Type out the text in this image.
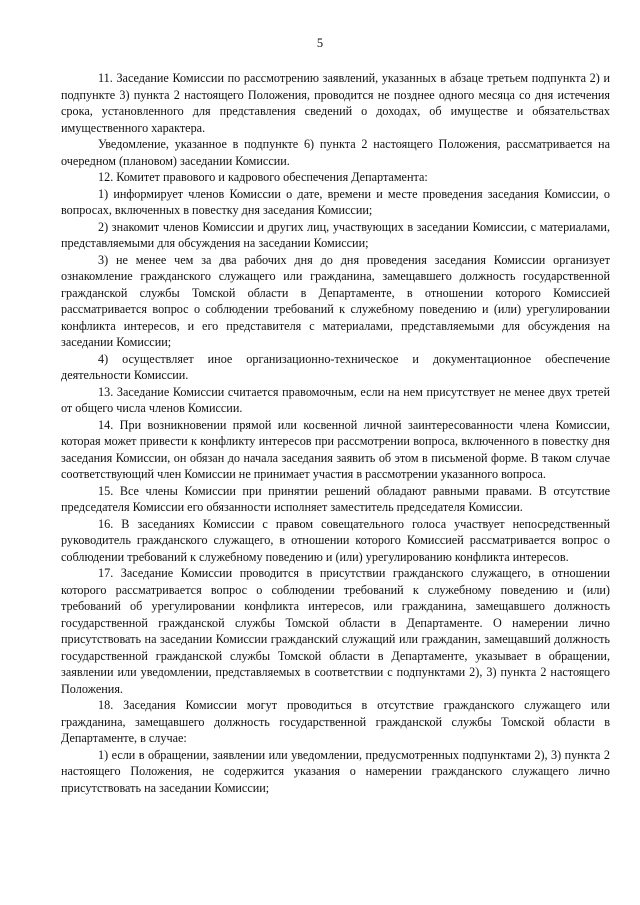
5

11. Заседание Комиссии по рассмотрению заявлений, указанных в абзаце третьем подпункта 2) и подпункте 3) пункта 2 настоящего Положения, проводится не позднее одного месяца со дня истечения срока, установленного для представления сведений о доходах, об имуществе и обязательствах имущественного характера.

Уведомление, указанное в подпункте 6) пункта 2 настоящего Положения, рассматривается на очередном (плановом) заседании Комиссии.

12. Комитет правового и кадрового обеспечения Департамента:

1) информирует членов Комиссии о дате, времени и месте проведения заседания Комиссии, о вопросах, включенных в повестку дня заседания Комиссии;

2) знакомит членов Комиссии и других лиц, участвующих в заседании Комиссии, с материалами, представляемыми для обсуждения на заседании Комиссии;

3) не менее чем за два рабочих дня до дня проведения заседания Комиссии организует ознакомление гражданского служащего или гражданина, замещавшего должность государственной гражданской службы Томской области в Департаменте, в отношении которого Комиссией рассматривается вопрос о соблюдении требований к служебному поведению и (или) урегулировании конфликта интересов, и его представителя с материалами, представляемыми для обсуждения на заседании Комиссии;

4) осуществляет иное организационно-техническое и документационное обеспечение деятельности Комиссии.

13. Заседание Комиссии считается правомочным, если на нем присутствует не менее двух третей от общего числа членов Комиссии.

14. При возникновении прямой или косвенной личной заинтересованности члена Комиссии, которая может привести к конфликту интересов при рассмотрении вопроса, включенного в повестку дня заседания Комиссии, он обязан до начала заседания заявить об этом в письменой форме. В таком случае соответствующий член Комиссии не принимает участия в рассмотрении указанного вопроса.

15. Все члены Комиссии при принятии решений обладают равными правами. В отсутствие председателя Комиссии его обязанности исполняет заместитель председателя Комиссии.

16. В заседаниях Комиссии с правом совещательного голоса участвует непосредственный руководитель гражданского служащего, в отношении которого Комиссией рассматривается вопрос о соблюдении требований к служебному поведению и (или) урегулированию конфликта интересов.

17. Заседание Комиссии проводится в присутствии гражданского служащего, в отношении которого рассматривается вопрос о соблюдении требований к служебному поведению и (или) требований об урегулировании конфликта интересов, или гражданина, замещавшего должность государственной гражданской службы Томской области в Департаменте. О намерении лично присутствовать на заседании Комиссии гражданский служащий или гражданин, замещавший должность государственной гражданской службы Томской области в Департаменте, указывает в обращении, заявлении или уведомлении, представляемых в соответствии с подпунктами 2), 3) пункта 2 настоящего Положения.

18. Заседания Комиссии могут проводиться в отсутствие гражданского служащего или гражданина, замещавшего должность государственной гражданской службы Томской области в Департаменте, в случае:

1) если в обращении, заявлении или уведомлении, предусмотренных подпунктами 2), 3) пункта 2 настоящего Положения, не содержится указания о намерении гражданского служащего лично присутствовать на заседании Комиссии;
